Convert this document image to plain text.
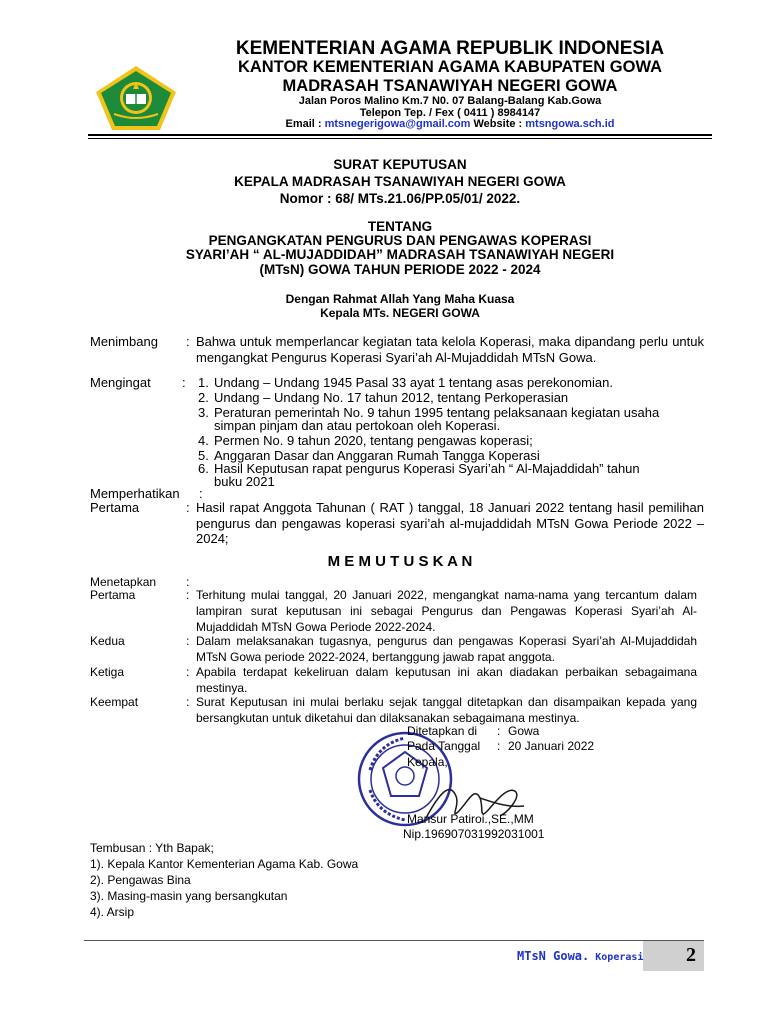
KEMENTERIAN AGAMA REPUBLIK INDONESIA
KANTOR KEMENTERIAN AGAMA KABUPATEN GOWA
MADRASAH TSANAWIYAH NEGERI GOWA
Jalan Poros Malino Km.7 N0. 07 Balang-Balang Kab.Gowa
Telepon Tep. / Fex ( 0411 ) 8984147
Email : mtsnegerigowa@gmail.com Website : mtsngowa.sch.id
SURAT KEPUTUSAN
KEPALA MADRASAH TSANAWIYAH NEGERI GOWA
Nomor : 68/ MTs.21.06/PP.05/01/ 2022.
TENTANG
PENGANGKATAN PENGURUS DAN PENGAWAS KOPERASI
SYARI’AH “ AL-MUJADDIDAH” MADRASAH TSANAWIYAH NEGERI
(MTsN) GOWA TAHUN PERIODE 2022 - 2024
Dengan Rahmat Allah Yang Maha Kuasa
Kepala MTs. NEGERI GOWA
Menimbang : Bahwa untuk memperlancar kegiatan tata kelola Koperasi, maka dipandang perlu untuk mengangkat Pengurus Koperasi Syari’ah Al-Mujaddidah MTsN Gowa.
Mengingat : 1. Undang – Undang 1945 Pasal 33 ayat 1 tentang asas perekonomian.
2. Undang – Undang No. 17 tahun 2012, tentang Perkoperasian
3. Peraturan pemerintah No. 9 tahun 1995 tentang pelaksanaan kegiatan usaha
simpan pinjam dan atau pertokoan oleh Koperasi.
4. Permen No. 9 tahun 2020, tentang pengawas koperasi;
5. Anggaran Dasar dan Anggaran Rumah Tangga Koperasi
6. Hasil Keputusan rapat pengurus Koperasi Syari’ah “ Al-Majaddidah” tahun
buku 2021
Memperhatikan :
Pertama	: Hasil rapat Anggota Tahunan ( RAT ) tanggal, 18 Januari 2022 tentang hasil pemilihan pengurus dan pengawas koperasi syari’ah al-mujaddidah MTsN Gowa Periode 2022 – 2024;
M E M U T U S K A N
Menetapkan :
Pertama	: Terhitung mulai tanggal, 20 Januari 2022, mengangkat nama-nama yang tercantum dalam lampiran surat keputusan ini sebagai Pengurus dan Pengawas Koperasi Syari’ah Al-Mujaddidah MTsN Gowa Periode 2022-2024.
Kedua	: Dalam melaksanakan tugasnya, pengurus dan pengawas Koperasi Syari’ah Al-Mujaddidah MTsN Gowa periode 2022-2024, bertanggung jawab rapat anggota.
Ketiga	: Apabila terdapat kekeliruan dalam keputusan ini akan diadakan perbaikan sebagaimana mestinya.
Keempat	: Surat Keputusan ini mulai berlaku sejak tanggal ditetapkan dan disampaikan kepada yang bersangkutan untuk diketahui dan dilaksanakan sebagaimana mestinya.
Ditetapkan di : Gowa
Pada Tanggal : 20 Januari 2022
Kepala,
Mansur Patiroi.,SE.,MM
Nip.196907031992031001
Tembusan : Yth Bapak;
1). Kepala Kantor Kementerian Agama Kab. Gowa
2). Pengawas Bina
3). Masing-masin yang bersangkutan
4). Arsip
MTsN Gowa. Koperasi 2
